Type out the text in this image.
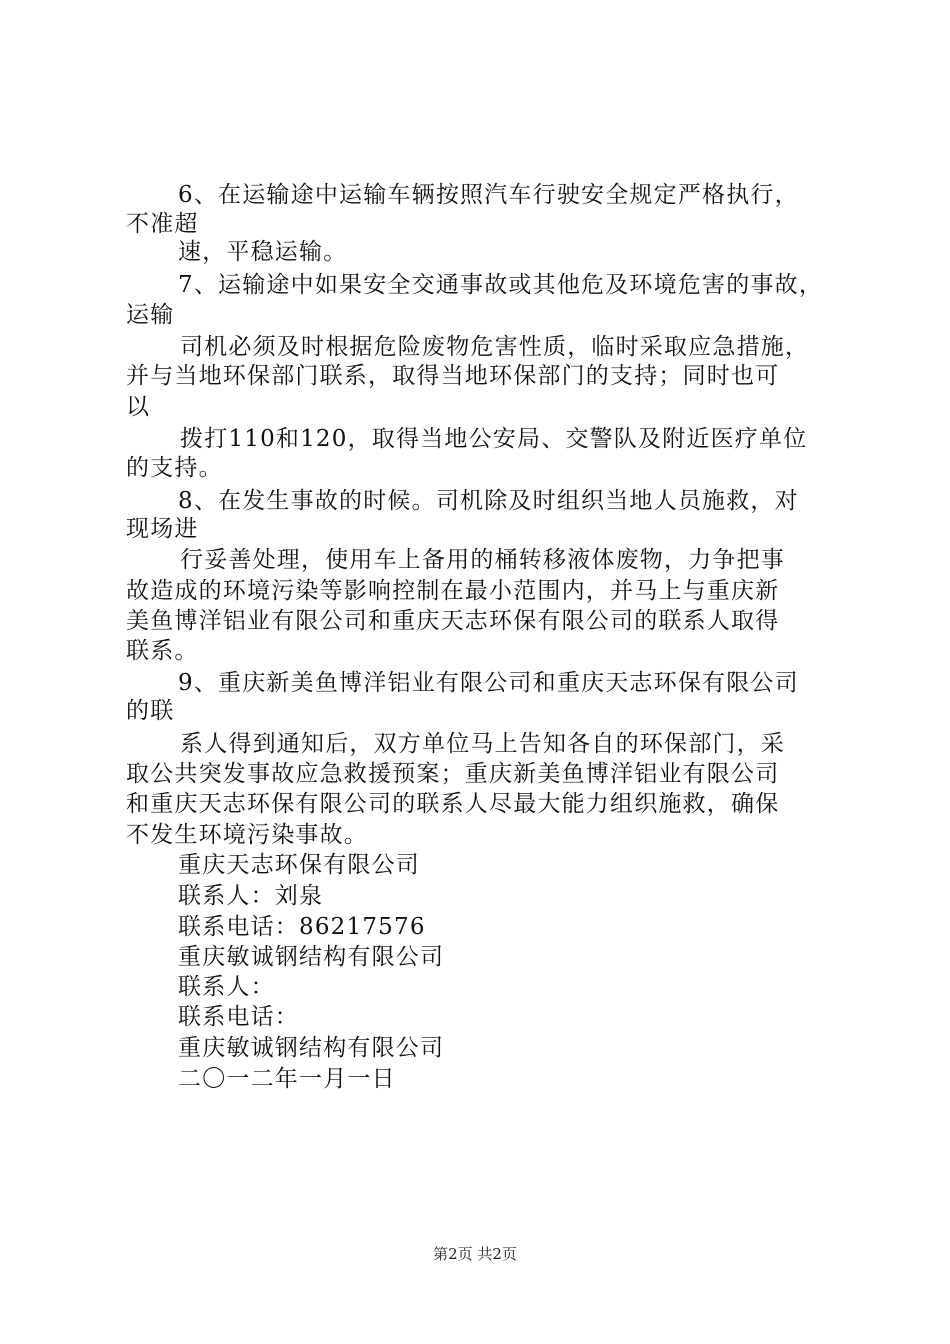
6、在运输途中运输车辆按照汽车行驶安全规定严格执行，
不准超
速，平稳运输。
7、运输途中如果安全交通事故或其他危及环境危害的事故，
运输
司机必须及时根据危险废物危害性质，临时采取应急措施，
并与当地环保部门联系，取得当地环保部门的支持；同时也可
以
拨打110和120，取得当地公安局、交警队及附近医疗单位
的支持。
8、在发生事故的时候。司机除及时组织当地人员施救，对
现场进
行妥善处理，使用车上备用的桶转移液体废物，力争把事
故造成的环境污染等影响控制在最小范围内，并马上与重庆新
美鱼博洋铝业有限公司和重庆天志环保有限公司的联系人取得
联系。
9、重庆新美鱼博洋铝业有限公司和重庆天志环保有限公司
的联
系人得到通知后，双方单位马上告知各自的环保部门，采
取公共突发事故应急救援预案；重庆新美鱼博洋铝业有限公司
和重庆天志环保有限公司的联系人尽最大能力组织施救，确保
不发生环境污染事故。
重庆天志环保有限公司
联系人：刘泉
联系电话：86217576
重庆敏诚钢结构有限公司
联系人：
联系电话：
重庆敏诚钢结构有限公司
二〇一二年一月一日
第2页 共2页
